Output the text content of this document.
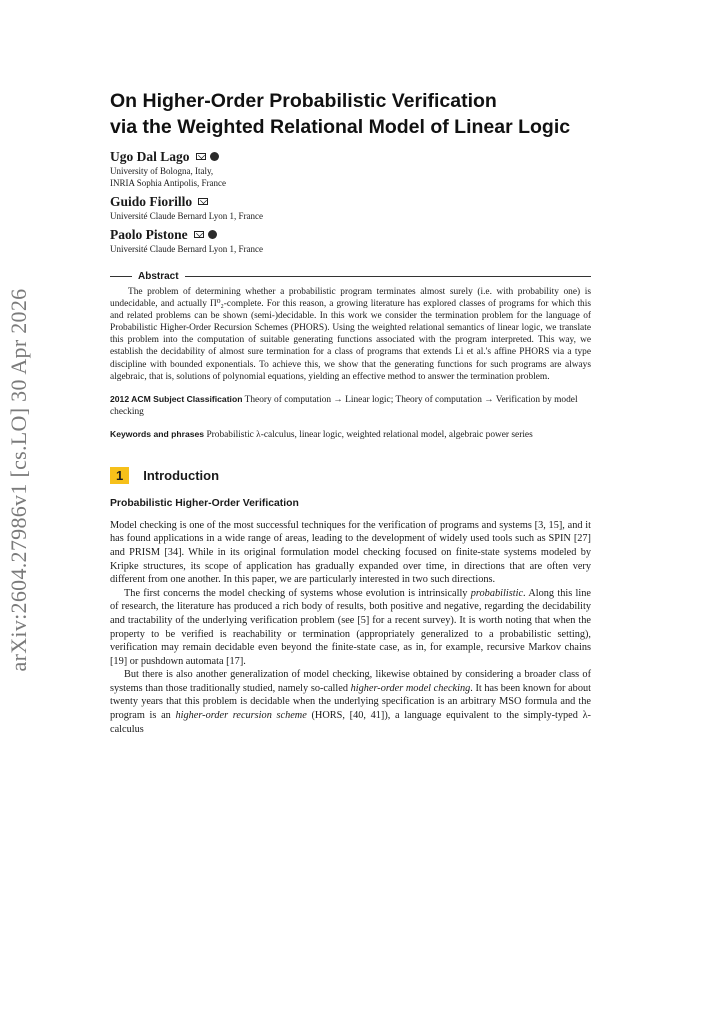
arXiv:2604.27986v1 [cs.LO] 30 Apr 2026
On Higher-Order Probabilistic Verification
via the Weighted Relational Model of Linear Logic
Ugo Dal Lago
University of Bologna, Italy,
INRIA Sophia Antipolis, France
Guido Fiorillo
Université Claude Bernard Lyon 1, France
Paolo Pistone
Université Claude Bernard Lyon 1, France
Abstract

The problem of determining whether a probabilistic program terminates almost surely (i.e. with probability one) is undecidable, and actually Π⁰₂-complete. For this reason, a growing literature has explored classes of programs for which this and related problems can be shown (semi-)decidable. In this work we consider the termination problem for the language of Probabilistic Higher-Order Recursion Schemes (PHORS). Using the weighted relational semantics of linear logic, we translate this problem into the computation of suitable generating functions associated with the program interpreted. This way, we establish the decidability of almost sure termination for a class of programs that extends Li et al.'s affine PHORS via a type discipline with bounded exponentials. To achieve this, we show that the generating functions for such programs are always algebraic, that is, solutions of polynomial equations, yielding an effective method to answer the termination problem.

2012 ACM Subject Classification Theory of computation → Linear logic; Theory of computation → Verification by model checking
Keywords and phrases Probabilistic λ-calculus, linear logic, weighted relational model, algebraic power series
1	Introduction
Probabilistic Higher-Order Verification

Model checking is one of the most successful techniques for the verification of programs and systems [3, 15], and it has found applications in a wide range of areas, leading to the development of widely used tools such as SPIN [27] and PRISM [34]. While in its original formulation model checking focused on finite-state systems modeled by Kripke structures, its scope of application has gradually expanded over time, in directions that are often very different from one another. In this paper, we are particularly interested in two such directions.

The first concerns the model checking of systems whose evolution is intrinsically probabilistic. Along this line of research, the literature has produced a rich body of results, both positive and negative, regarding the decidability and tractability of the underlying verification problem (see [5] for a recent survey). It is worth noting that when the property to be verified is reachability or termination (appropriately generalized to a probabilistic setting), verification may remain decidable even beyond the finite-state case, as in, for example, recursive Markov chains [19] or pushdown automata [17].

But there is also another generalization of model checking, likewise obtained by considering a broader class of systems than those traditionally studied, namely so-called higher-order model checking. It has been known for about twenty years that this problem is decidable when the underlying specification is an arbitrary MSO formula and the program is an higher-order recursion scheme (HORS, [40, 41]), a language equivalent to the simply-typed λ-calculus
